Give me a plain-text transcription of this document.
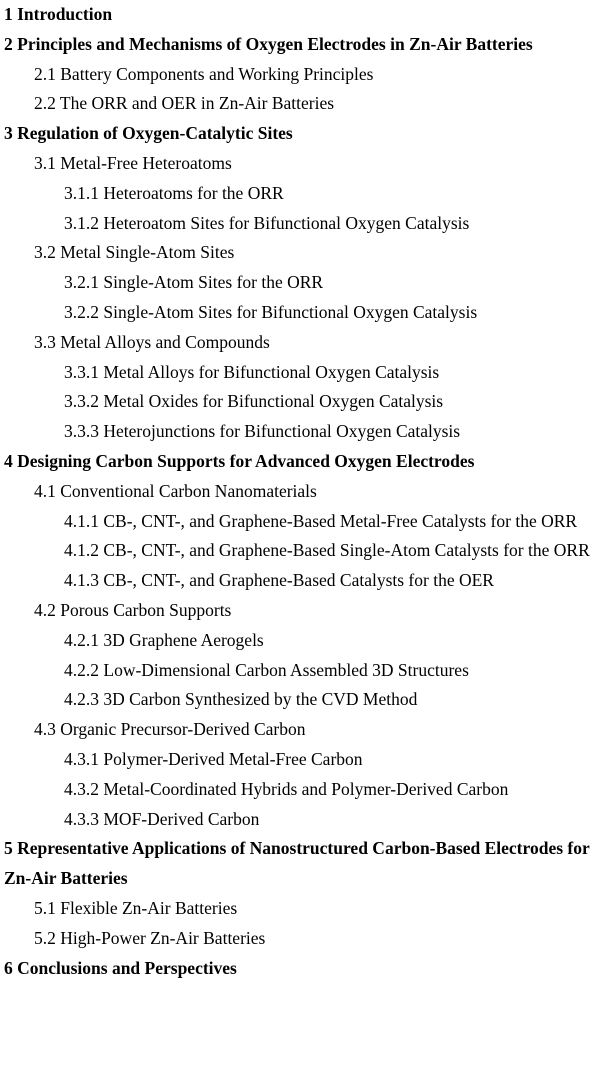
1 Introduction

2 Principles and Mechanisms of Oxygen Electrodes in Zn-Air Batteries

2.1 Battery Components and Working Principles

2.2 The ORR and OER in Zn-Air Batteries

3 Regulation of Oxygen-Catalytic Sites

3.1 Metal-Free Heteroatoms

3.1.1 Heteroatoms for the ORR

3.1.2 Heteroatom Sites for Bifunctional Oxygen Catalysis

3.2 Metal Single-Atom Sites

3.2.1 Single-Atom Sites for the ORR

3.2.2 Single-Atom Sites for Bifunctional Oxygen Catalysis

3.3 Metal Alloys and Compounds

3.3.1 Metal Alloys for Bifunctional Oxygen Catalysis

3.3.2 Metal Oxides for Bifunctional Oxygen Catalysis

3.3.3 Heterojunctions for Bifunctional Oxygen Catalysis

4 Designing Carbon Supports for Advanced Oxygen Electrodes

4.1 Conventional Carbon Nanomaterials

4.1.1 CB-, CNT-, and Graphene-Based Metal-Free Catalysts for the ORR

4.1.2 CB-, CNT-, and Graphene-Based Single-Atom Catalysts for the ORR

4.1.3 CB-, CNT-, and Graphene-Based Catalysts for the OER

4.2 Porous Carbon Supports

4.2.1 3D Graphene Aerogels

4.2.2 Low-Dimensional Carbon Assembled 3D Structures

4.2.3 3D Carbon Synthesized by the CVD Method

4.3 Organic Precursor-Derived Carbon

4.3.1 Polymer-Derived Metal-Free Carbon

4.3.2 Metal-Coordinated Hybrids and Polymer-Derived Carbon

4.3.3 MOF-Derived Carbon

5 Representative Applications of Nanostructured Carbon-Based Electrodes for Zn-Air Batteries

5.1 Flexible Zn-Air Batteries

5.2 High-Power Zn-Air Batteries

6 Conclusions and Perspectives
